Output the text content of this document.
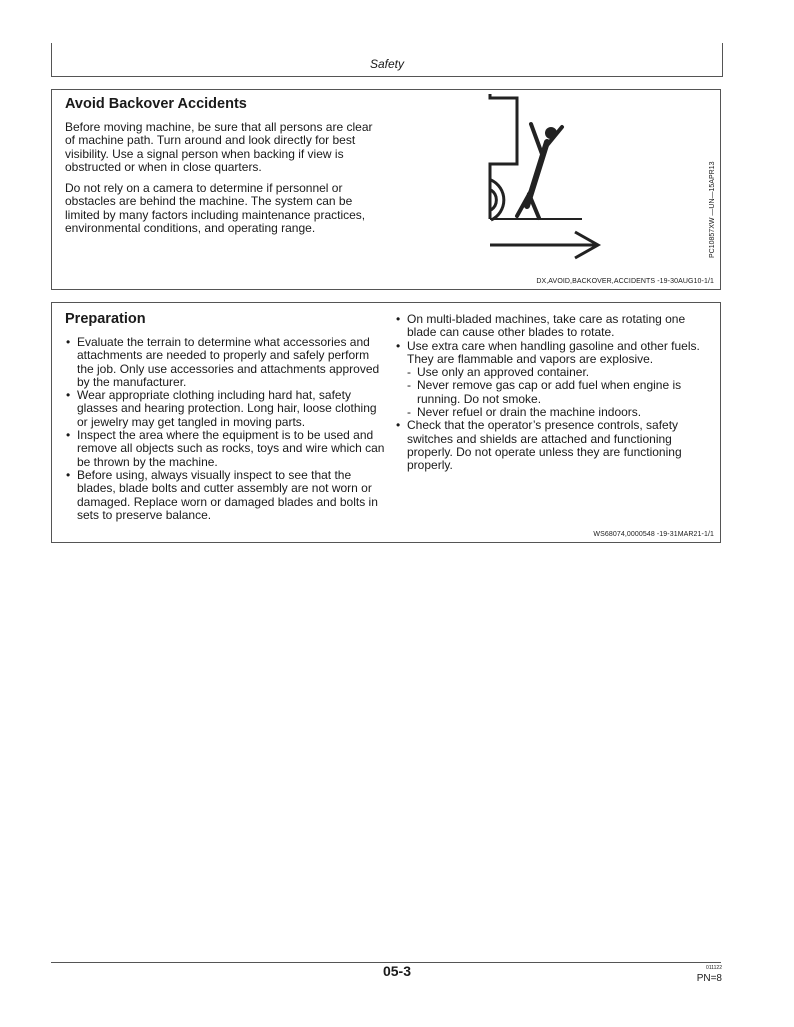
Safety
Avoid Backover Accidents
Before moving machine, be sure that all persons are clear of machine path. Turn around and look directly for best visibility. Use a signal person when backing if view is obstructed or when in close quarters.
Do not rely on a camera to determine if personnel or obstacles are behind the machine. The system can be limited by many factors including maintenance practices, environmental conditions, and operating range.	PC10857XW —UN—15APR13
DX,AVOID,BACKOVER,ACCIDENTS -19-30AUG10-1/1
Preparation
• Evaluate the terrain to determine what accessories and attachments are needed to properly and safely perform the job. Only use accessories and attachments approved by the manufacturer.
• Wear appropriate clothing including hard hat, safety glasses and hearing protection. Long hair, loose clothing or jewelry may get tangled in moving parts.
• Inspect the area where the equipment is to be used and remove all objects such as rocks, toys and wire which can be thrown by the machine.
• Before using, always visually inspect to see that the blades, blade bolts and cutter assembly are not worn or damaged. Replace worn or damaged blades and bolts in sets to preserve balance.
• On multi-bladed machines, take care as rotating one blade can cause other blades to rotate.
• Use extra care when handling gasoline and other fuels. They are flammable and vapors are explosive.
- Use only an approved container.
- Never remove gas cap or add fuel when engine is running. Do not smoke.
- Never refuel or drain the machine indoors.
• Check that the operator’s presence controls, safety switches and shields are attached and functioning properly. Do not operate unless they are functioning properly.
WS68074,0000548 -19-31MAR21-1/1
05-3	011122
PN=8
